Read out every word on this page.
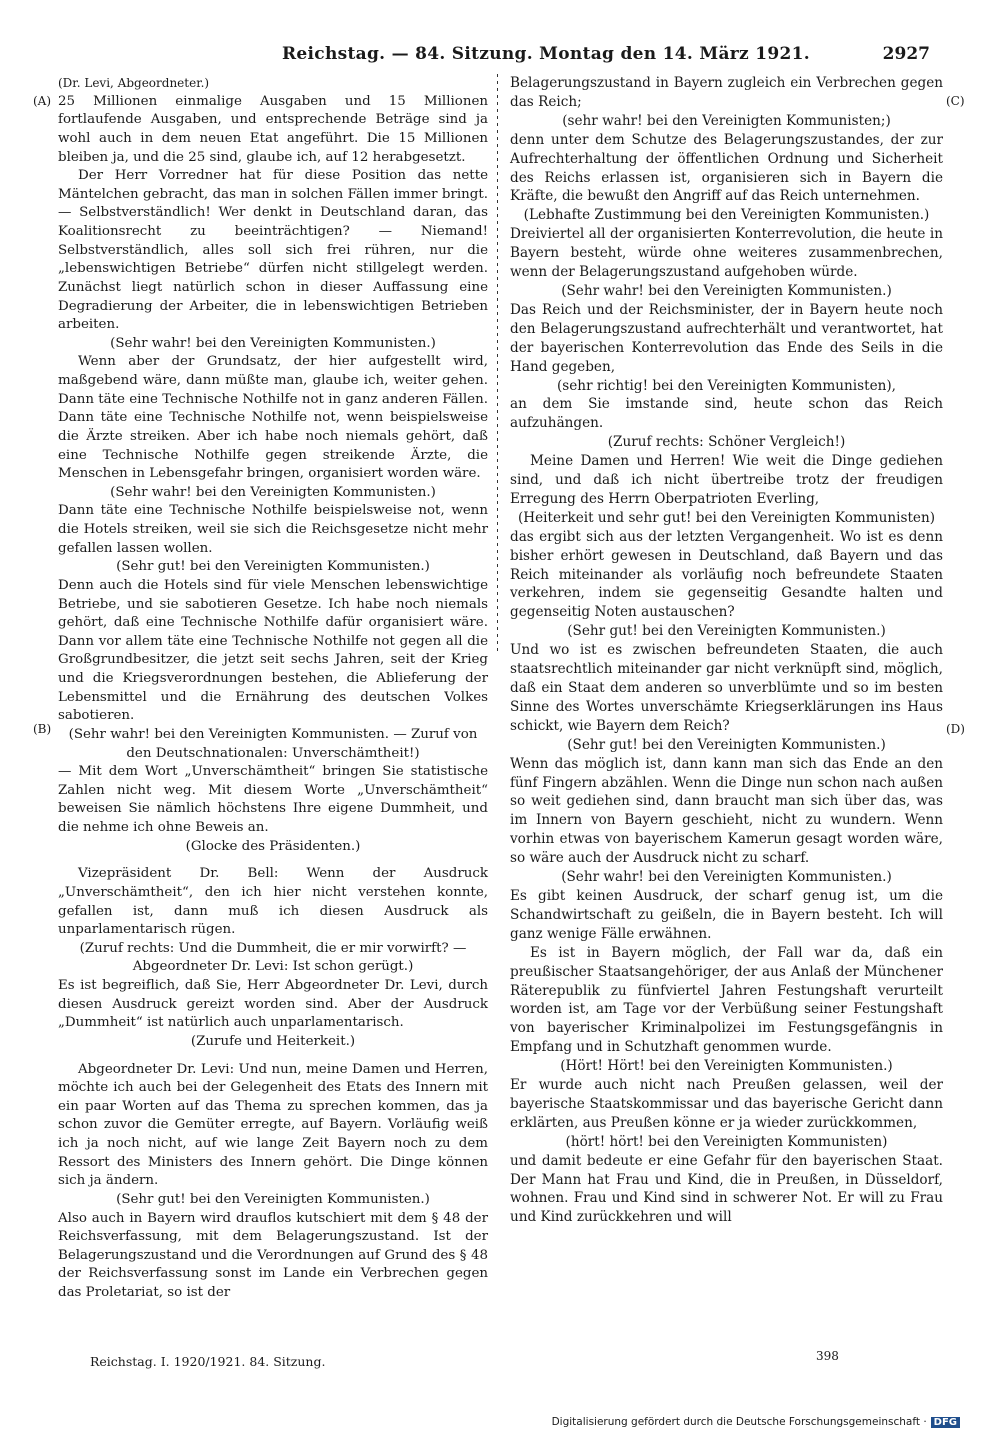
Reichstag. — 84. Sitzung. Montag den 14. März 1921.	2927
(A)
(B)
(C)
(D)

(Dr. Levi, Abgeordneter.)

25 Millionen einmalige Ausgaben und 15 Millionen fortlaufende Ausgaben, und entsprechende Beträge sind ja wohl auch in dem neuen Etat angeführt. Die 15 Millionen bleiben ja, und die 25 sind, glaube ich, auf 12 herabgesetzt.

Der Herr Vorredner hat für diese Position das nette Mäntelchen gebracht, das man in solchen Fällen immer bringt. — Selbstverständlich! Wer denkt in Deutschland daran, das Koalitionsrecht zu beeinträchtigen? — Niemand! Selbstverständlich, alles soll sich frei rühren, nur die „lebenswichtigen Betriebe“ dürfen nicht stillgelegt werden. Zunächst liegt natürlich schon in dieser Auffassung eine Degradierung der Arbeiter, die in lebenswichtigen Betrieben arbeiten.

(Sehr wahr! bei den Vereinigten Kommunisten.)

Wenn aber der Grundsatz, der hier aufgestellt wird, maßgebend wäre, dann müßte man, glaube ich, weiter gehen. Dann täte eine Technische Nothilfe not in ganz anderen Fällen. Dann täte eine Technische Nothilfe not, wenn beispielsweise die Ärzte streiken. Aber ich habe noch niemals gehört, daß eine Technische Nothilfe gegen streikende Ärzte, die Menschen in Lebensgefahr bringen, organisiert worden wäre.

(Sehr wahr! bei den Vereinigten Kommunisten.)

Dann täte eine Technische Nothilfe beispielsweise not, wenn die Hotels streiken, weil sie sich die Reichsgesetze nicht mehr gefallen lassen wollen.

(Sehr gut! bei den Vereinigten Kommunisten.)

Denn auch die Hotels sind für viele Menschen lebenswichtige Betriebe, und sie sabotieren Gesetze. Ich habe noch niemals gehört, daß eine Technische Nothilfe dafür organisiert wäre. Dann vor allem täte eine Technische Nothilfe not gegen all die Großgrundbesitzer, die jetzt seit sechs Jahren, seit der Krieg und die Kriegsverordnungen bestehen, die Ablieferung der Lebensmittel und die Ernährung des deutschen Volkes sabotieren.

(Sehr wahr! bei den Vereinigten Kommunisten. — Zuruf von den Deutschnationalen: Unverschämtheit!)

— Mit dem Wort „Unverschämtheit“ bringen Sie statistische Zahlen nicht weg. Mit diesem Worte „Unverschämtheit“ beweisen Sie nämlich höchstens Ihre eigene Dummheit, und die nehme ich ohne Beweis an.

(Glocke des Präsidenten.)

Vizepräsident Dr. Bell: Wenn der Ausdruck „Unverschämtheit“, den ich hier nicht verstehen konnte, gefallen ist, dann muß ich diesen Ausdruck als unparlamentarisch rügen.

(Zuruf rechts: Und die Dummheit, die er mir vorwirft? — Abgeordneter Dr. Levi: Ist schon gerügt.)

Es ist begreiflich, daß Sie, Herr Abgeordneter Dr. Levi, durch diesen Ausdruck gereizt worden sind. Aber der Ausdruck „Dummheit“ ist natürlich auch unparlamentarisch.

(Zurufe und Heiterkeit.)

Abgeordneter Dr. Levi: Und nun, meine Damen und Herren, möchte ich auch bei der Gelegenheit des Etats des Innern mit ein paar Worten auf das Thema zu sprechen kommen, das ja schon zuvor die Gemüter erregte, auf Bayern. Vorläufig weiß ich ja noch nicht, auf wie lange Zeit Bayern noch zu dem Ressort des Ministers des Innern gehört. Die Dinge können sich ja ändern.

(Sehr gut! bei den Vereinigten Kommunisten.)

Also auch in Bayern wird drauflos kutschiert mit dem § 48 der Reichsverfassung, mit dem Belagerungszustand. Ist der Belagerungszustand und die Verordnungen auf Grund des § 48 der Reichsverfassung sonst im Lande ein Verbrechen gegen das Proletariat, so ist der

Belagerungszustand in Bayern zugleich ein Verbrechen gegen das Reich;

(sehr wahr! bei den Vereinigten Kommunisten;)

denn unter dem Schutze des Belagerungszustandes, der zur Aufrechterhaltung der öffentlichen Ordnung und Sicherheit des Reichs erlassen ist, organisieren sich in Bayern die Kräfte, die bewußt den Angriff auf das Reich unternehmen.

(Lebhafte Zustimmung bei den Vereinigten Kommunisten.)

Dreiviertel all der organisierten Konterrevolution, die heute in Bayern besteht, würde ohne weiteres zusammenbrechen, wenn der Belagerungszustand aufgehoben würde.

(Sehr wahr! bei den Vereinigten Kommunisten.)

Das Reich und der Reichsminister, der in Bayern heute noch den Belagerungszustand aufrechterhält und verantwortet, hat der bayerischen Konterrevolution das Ende des Seils in die Hand gegeben,

(sehr richtig! bei den Vereinigten Kommunisten),

an dem Sie imstande sind, heute schon das Reich aufzuhängen.

(Zuruf rechts: Schöner Vergleich!)

Meine Damen und Herren! Wie weit die Dinge gediehen sind, und daß ich nicht übertreibe trotz der freudigen Erregung des Herrn Oberpatrioten Everling,

(Heiterkeit und sehr gut! bei den Vereinigten Kommunisten)

das ergibt sich aus der letzten Vergangenheit. Wo ist es denn bisher erhört gewesen in Deutschland, daß Bayern und das Reich miteinander als vorläufig noch befreundete Staaten verkehren, indem sie gegenseitig Gesandte halten und gegenseitig Noten austauschen?

(Sehr gut! bei den Vereinigten Kommunisten.)

Und wo ist es zwischen befreundeten Staaten, die auch staatsrechtlich miteinander gar nicht verknüpft sind, möglich, daß ein Staat dem anderen so unverblümte und so im besten Sinne des Wortes unverschämte Kriegserklärungen ins Haus schickt, wie Bayern dem Reich?

(Sehr gut! bei den Vereinigten Kommunisten.)

Wenn das möglich ist, dann kann man sich das Ende an den fünf Fingern abzählen. Wenn die Dinge nun schon nach außen so weit gediehen sind, dann braucht man sich über das, was im Innern von Bayern geschieht, nicht zu wundern. Wenn vorhin etwas von bayerischem Kamerun gesagt worden wäre, so wäre auch der Ausdruck nicht zu scharf.

(Sehr wahr! bei den Vereinigten Kommunisten.)

Es gibt keinen Ausdruck, der scharf genug ist, um die Schandwirtschaft zu geißeln, die in Bayern besteht. Ich will ganz wenige Fälle erwähnen.

Es ist in Bayern möglich, der Fall war da, daß ein preußischer Staatsangehöriger, der aus Anlaß der Münchener Räterepublik zu fünfviertel Jahren Festungshaft verurteilt worden ist, am Tage vor der Verbüßung seiner Festungshaft von bayerischer Kriminalpolizei im Festungsgefängnis in Empfang und in Schutzhaft genommen wurde.

(Hört! Hört! bei den Vereinigten Kommunisten.)

Er wurde auch nicht nach Preußen gelassen, weil der bayerische Staatskommissar und das bayerische Gericht dann erklärten, aus Preußen könne er ja wieder zurückkommen,

(hört! hört! bei den Vereinigten Kommunisten)

und damit bedeute er eine Gefahr für den bayerischen Staat. Der Mann hat Frau und Kind, die in Preußen, in Düsseldorf, wohnen. Frau und Kind sind in schwerer Not. Er will zu Frau und Kind zurückkehren und will

Reichstag. I. 1920/1921. 84. Sitzung.	398
Digitalisierung gefördert durch die Deutsche Forschungsgemeinschaft · DFG
